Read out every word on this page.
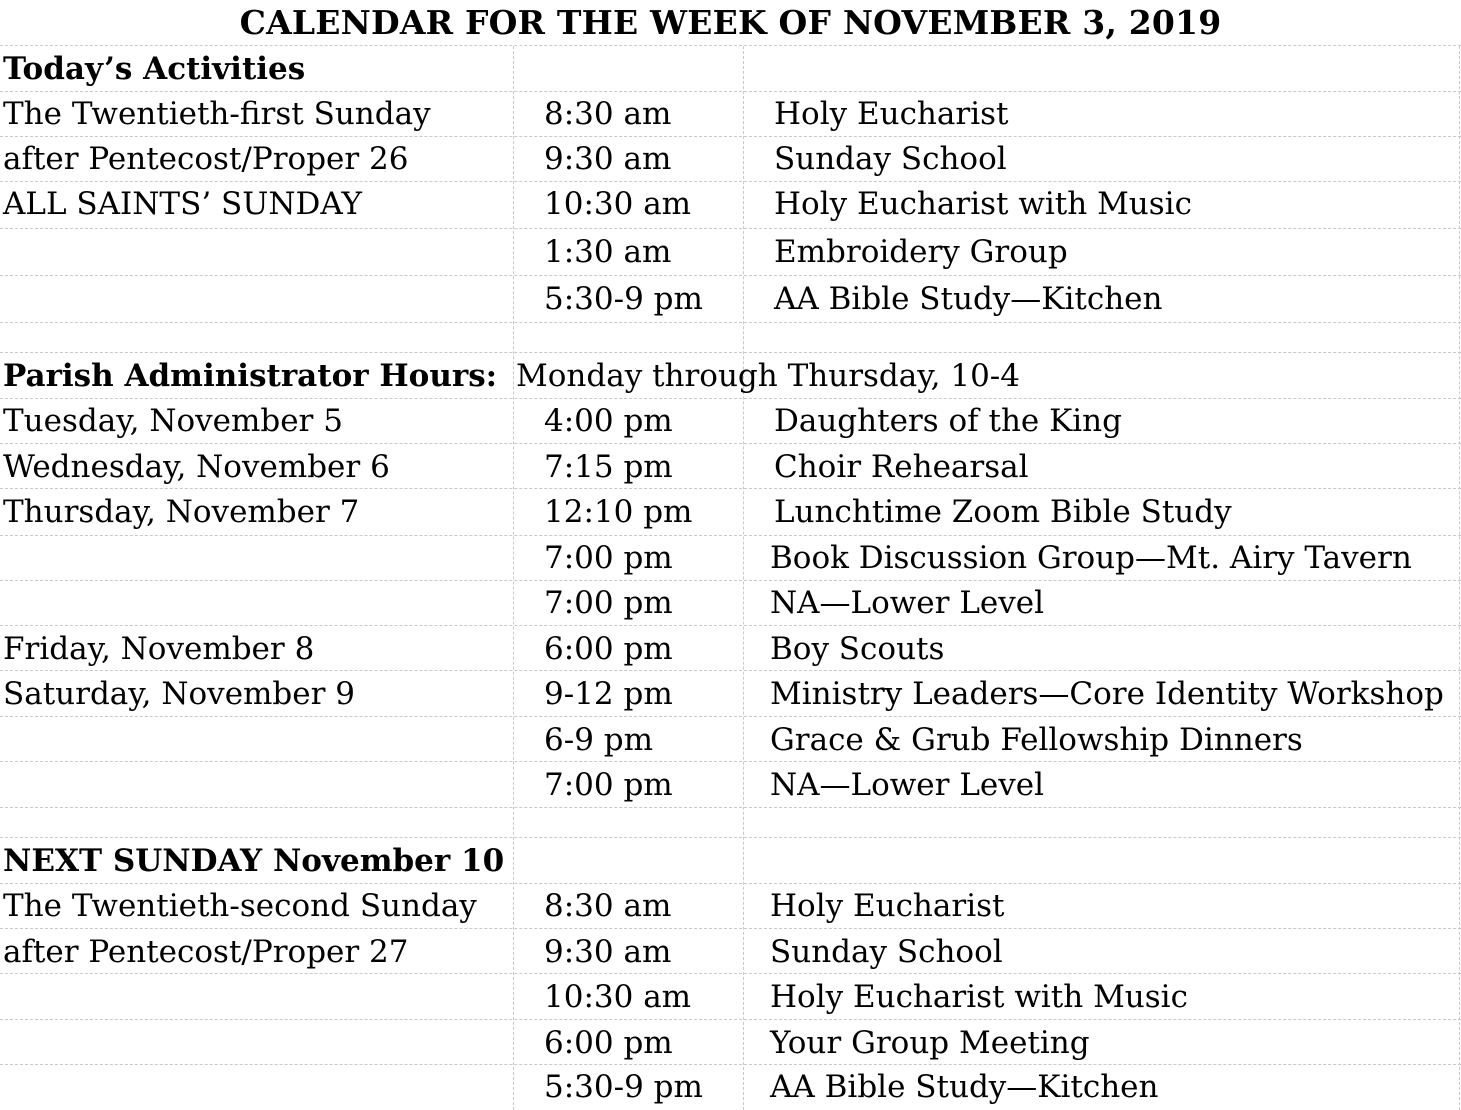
CALENDAR FOR THE WEEK OF NOVEMBER 3, 2019
Today’s Activities
The Twentieth-first Sunday	8:30 am	Holy Eucharist
after Pentecost/Proper 26	9:30 am	Sunday School
ALL SAINTS’ SUNDAY	10:30 am	Holy Eucharist with Music
1:30 am	Embroidery Group
5:30-9 pm AA Bible Study—Kitchen
Parish Administrator Hours: Monday through Thursday, 10-4
Tuesday, November 5	4:00 pm	Daughters of the King
Wednesday, November 6	7:15 pm	Choir Rehearsal
Thursday, November 7	12:10 pm	Lunchtime Zoom Bible Study
7:00 pm	Book Discussion Group—Mt. Airy Tavern
7:00 pm	NA—Lower Level
Friday, November 8	6:00 pm	Boy Scouts
Saturday, November 9	9-12 pm	Ministry Leaders—Core Identity Workshop
6-9 pm	Grace & Grub Fellowship Dinners
7:00 pm	NA—Lower Level
NEXT SUNDAY November 10
The Twentieth-second Sunday 8:30 am	Holy Eucharist
after Pentecost/Proper 27	9:30 am	Sunday School
10:30 am	Holy Eucharist with Music
6:00 pm	Your Group Meeting
5:30-9 pm AA Bible Study—Kitchen
